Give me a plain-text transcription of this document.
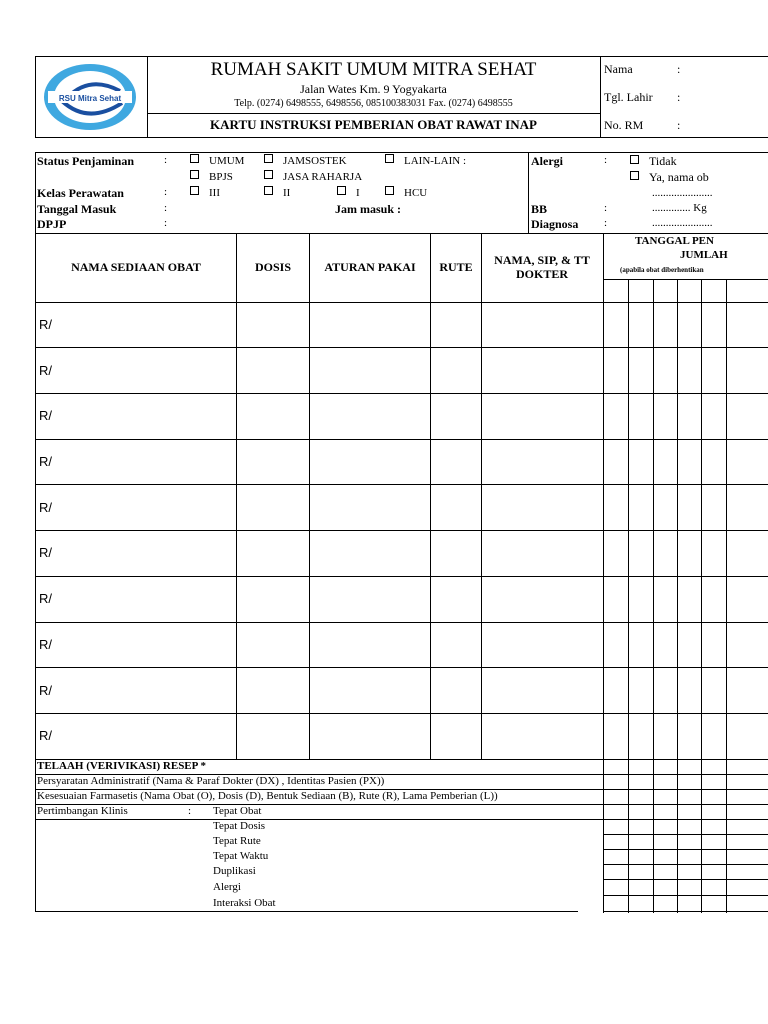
RSU Mitra Sehat
RUMAH SAKIT UMUM MITRA SEHAT
Jalan Wates Km. 9 Yogyakarta
Telp. (0274) 6498555, 6498556, 085100383031 Fax. (0274) 6498555
KARTU INSTRUKSI PEMBERIAN OBAT RAWAT INAP
Nama	:
Tgl. Lahir :
No. RM	:
Status Penjaminan	:	UMUM	JAMSOSTEK	LAIN-LAIN :
BPJS	JASA RAHARJA
Kelas Perawatan	:	III	II	I	HCU
Tanggal Masuk	:	Jam masuk :
DPJP	:
Alergi	:	Tidak
Ya, nama ob
......................
BB	:	.............. Kg
Diagnosa :	......................
NAMA SEDIAAN OBAT	DOSIS	ATURAN PAKAI	RUTE	NAMA, SIP, & TT DOKTER
TANGGAL PEN
JUMLAH
(apabila obat diberhentikan
R/
R/
R/
R/
R/
R/
R/
R/
R/
R/
TELAAH (VERIVIKASI) RESEP *
Persyaratan Administratif (Nama & Paraf Dokter (DX) , Identitas Pasien (PX))
Kesesuaian Farmasetis (Nama Obat (O), Dosis (D), Bentuk Sediaan (B), Rute (R), Lama Pemberian (L))
Pertimbangan Klinis	: Tepat Obat
Tepat Dosis
Tepat Rute
Tepat Waktu
Duplikasi
Alergi
Interaksi Obat
